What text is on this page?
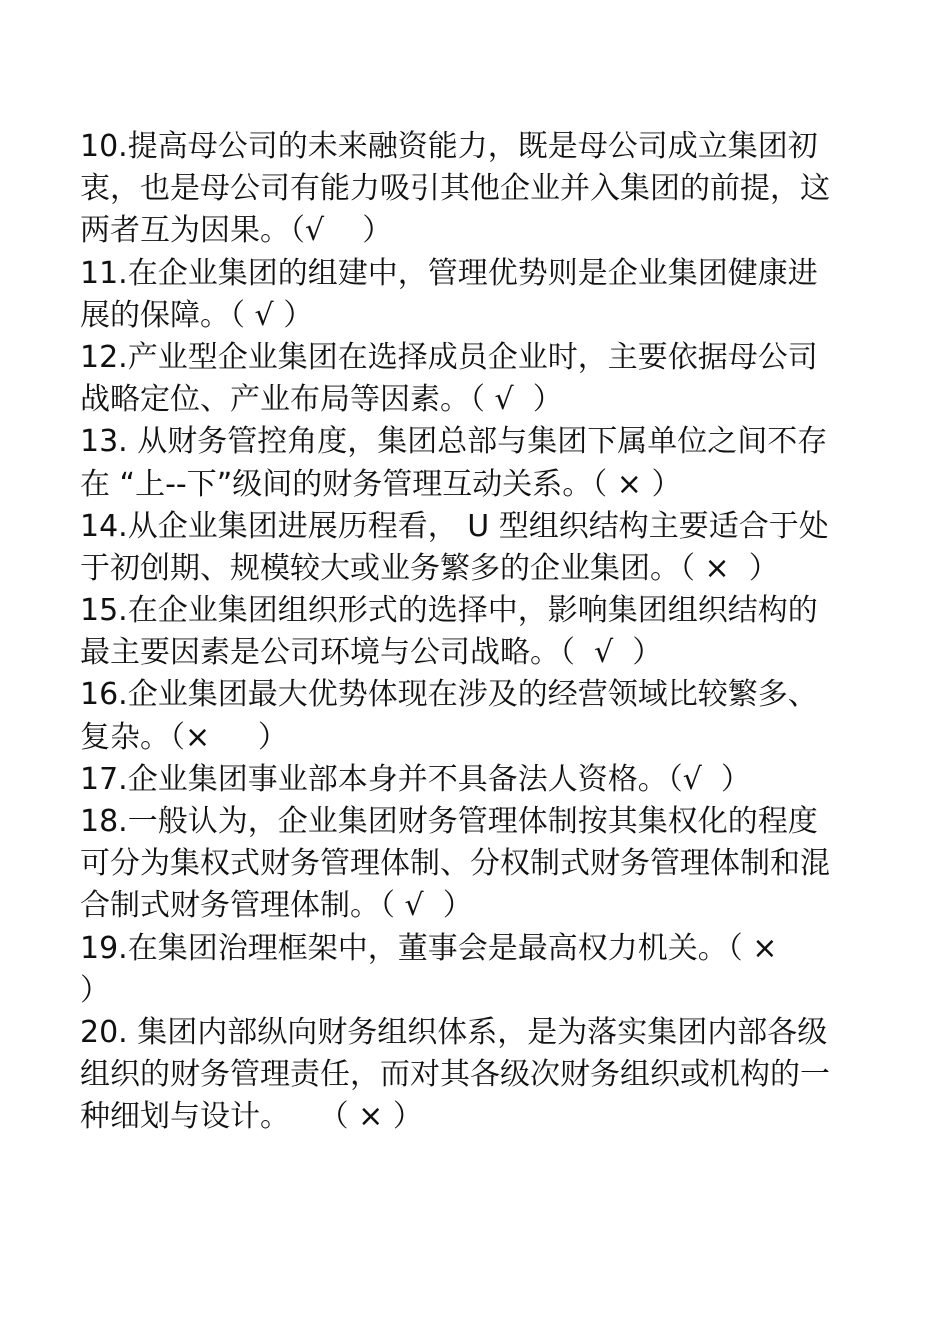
10.提高母公司的未来融资能力，既是母公司成立集团初
衷，也是母公司有能力吸引其他企业并入集团的前提，这
两者互为因果。（√    ）
11.在企业集团的组建中，管理优势则是企业集团健康进
展的保障。（ √ ）
12.产业型企业集团在选择成员企业时，主要依据母公司
战略定位、产业布局等因素。（ √  ）
13. 从财务管控角度，集团总部与集团下属单位之间不存
在 “上--下”级间的财务管理互动关系。（ × ）
14.从企业集团进展历程看， U 型组织结构主要适合于处
于初创期、规模较大或业务繁多的企业集团。（ ×  ）
15.在企业集团组织形式的选择中，影响集团组织结构的
最主要因素是公司环境与公司战略。（  √  ）
16.企业集团最大优势体现在涉及的经营领域比较繁多、
复杂。（×     ）
17.企业集团事业部本身并不具备法人资格。（√  ）
18.一般认为，企业集团财务管理体制按其集权化的程度
可分为集权式财务管理体制、分权制式财务管理体制和混
合制式财务管理体制。（ √  ）
19.在集团治理框架中，董事会是最高权力机关。（ ×
）
20. 集团内部纵向财务组织体系，是为落实集团内部各级
组织的财务管理责任，而对其各级次财务组织或机构的一
种细划与设计。   （ × ）
